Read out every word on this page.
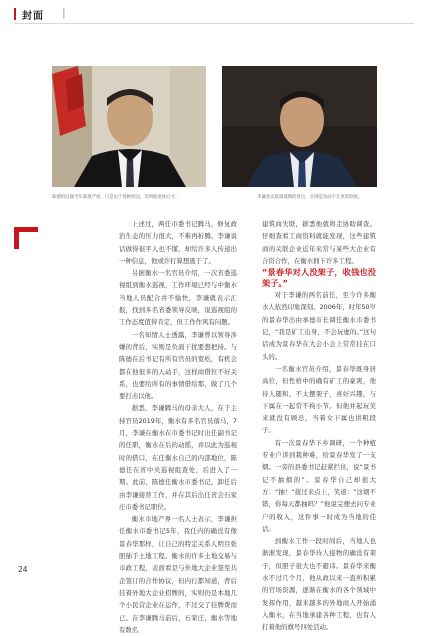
封面 |
陈德的问题当年就很严重，只是由于各种原因，等到他退休后才。	李谦曾以低调谨慎的背后，实则是负面不在更的制度。

上述过，两任市委书记腾马，修复政治生态的压力很大，不难再折腾。李谦说话做得很平人也不懂，却给许多人传递出一种信息，他或许打算想逃于了。

另据衡水一名官员介绍，一次省委巡视组到衡水巡视，工作环境已经与中衡水当地人员配合并不愉快，李谦就表示汇报，找到多名省委领导反映，说巡视组的工作态度值得肯定，但工作作风有问题。

一名知情人士透露，李谦曾以领导涉嫌的背后，实则是负面干扰要想把持。与陈德在后书记有所有官员的宽松，有机会都在他很多的人动手，这样商借位不好关系，也要给所有的事情借给那，做了几个要打击以他。

据悉，李谦腾马的母亲大人，在于主持官员2019年，衡水有多名官员落马，7月，李谦在衡水在市委书记时出任副书记的任职，衡水在后的动摇，并以此为巡视时的借口，在任衡水自己的内部地位，陈德任在省中央巡视组查处，后进入了一期。此前，陈德任衡水市委书记，卸任后由李谦接替工作，并在其后出任省会石家庄市委书记职位。

衡水市地产界一名人士表示，李谦担任衡水市委书记5年，我任内的确没有像景春华那样，让自己的特定关系人明目张胆插手土地工程。衡水的许多土地交易与市政工程，表面看是与外地大企业签至共企签订的合作协议，但内行都知道，背后挂着外地大企业招牌的，实则仍是本地几个小民营企业在运作，不过交了挂牌费而已。在李谦腾马前后，石家庄，衡水等地有数名

建筑商失联，据悉他就将走协助调查。仔细查看工商资料就能发现，这些建筑商的关联企业近年来常与某些大企业有合资合作，在衡水拥下许多工程。

“景春华对人没架子，收钱也没架子。”

对于李谦的两名前任，至今许多衡水人依然印象深刻。2006年，时年50岁的景春华出由承德市长调任衡水市委书记，“我是矿工出身，不会玩虚的。”这句话成为景春华在大会小会上常常挂在口头的。

一名衡水官员介绍，景春华既身居高位，但性格中的确有矿工的豪爽，他待人随和，不太摆架子，喜好兴趣，与下属在一起常不拘小节。但他并起玩笑来就没有顾忌，当着女下属也讲粗段子。

有一次景春华下乡调研，一个种植专业户讲到栽种难，给景春华发了一支烟。一旁的县委书记赶紧拦住，说“景书记不抽烟的”。景春华自己却很大方：“抽！”接过来点上，笑道：“这烟不错，你每天都抽吗？”他说完便去问专业户的收入，这件事一时成为当地的佳话。

到衡水工作一段时间后，当地人也渐渐发现，景春华待人接物的确没有架子，但胆子很大也不避讳。景春华来衡水不过几个月，他从政以来一直所积累的官场资源，逐渐在衡水的各个领域中发挥作用，越来越多的外地商人开始涌入衡水，在当地承建各种工程，也有人打着他的旗号四处活动。

24
